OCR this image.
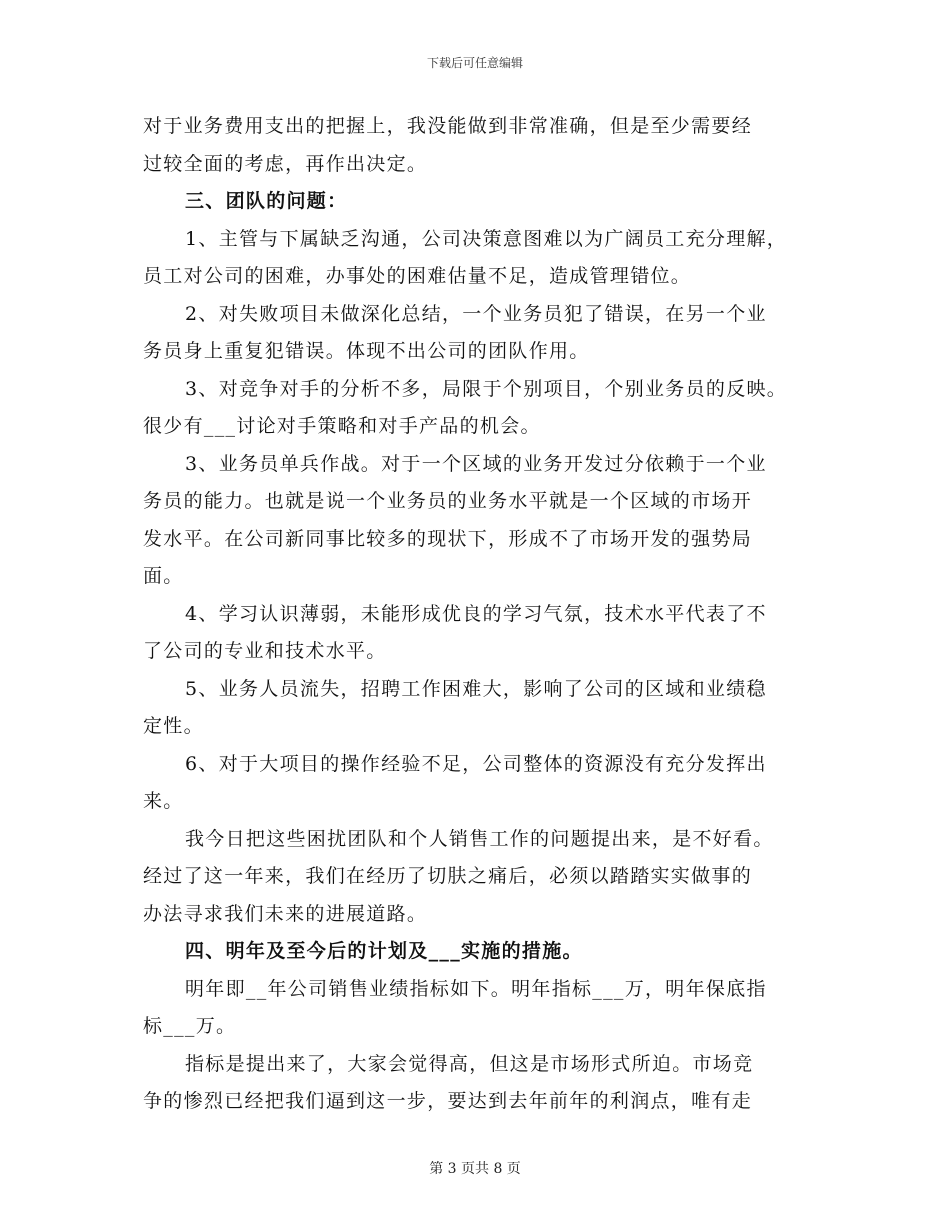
下载后可任意编辑
对于业务费用支出的把握上，我没能做到非常准确，但是至少需要经
过较全面的考虑，再作出决定。
三、团队的问题：
1、主管与下属缺乏沟通，公司决策意图难以为广阔员工充分理解，
员工对公司的困难，办事处的困难估量不足，造成管理错位。
2、对失败项目未做深化总结，一个业务员犯了错误，在另一个业
务员身上重复犯错误。体现不出公司的团队作用。
3、对竞争对手的分析不多，局限于个别项目，个别业务员的反映。
很少有___讨论对手策略和对手产品的机会。
3、业务员单兵作战。对于一个区域的业务开发过分依赖于一个业
务员的能力。也就是说一个业务员的业务水平就是一个区域的市场开
发水平。在公司新同事比较多的现状下，形成不了市场开发的强势局
面。
4、学习认识薄弱，未能形成优良的学习气氛，技术水平代表了不
了公司的专业和技术水平。
5、业务人员流失，招聘工作困难大，影响了公司的区域和业绩稳
定性。
6、对于大项目的操作经验不足，公司整体的资源没有充分发挥出
来。
我今日把这些困扰团队和个人销售工作的问题提出来，是不好看。
经过了这一年来，我们在经历了切肤之痛后，必须以踏踏实实做事的
办法寻求我们未来的进展道路。
四、明年及至今后的计划及___实施的措施。
明年即__年公司销售业绩指标如下。明年指标___万，明年保底指
标___万。
指标是提出来了，大家会觉得高，但这是市场形式所迫。市场竞
争的惨烈已经把我们逼到这一步，要达到去年前年的利润点，唯有走
第 3 页共 8 页
